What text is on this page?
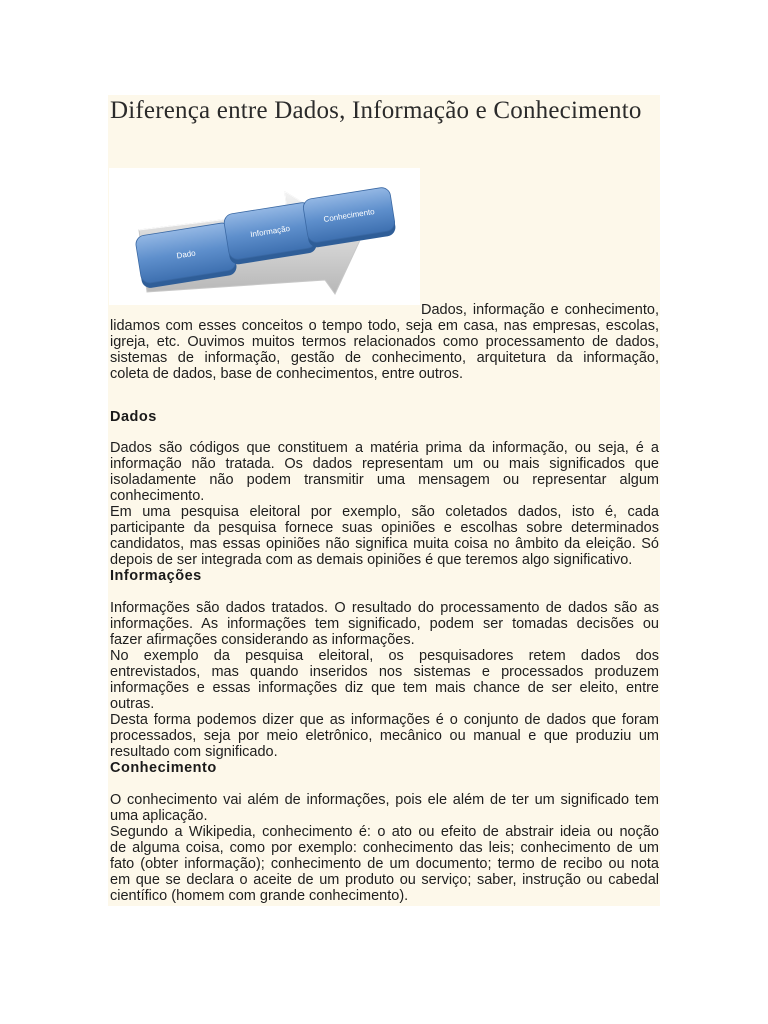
Diferença entre Dados, Informação e Conhecimento
Dado
Informação
Conhecimento
Dados, informação e conhecimento,
lidamos com esses conceitos o tempo todo, seja em casa, nas empresas, escolas,
igreja, etc. Ouvimos muitos termos relacionados como processamento de dados,
sistemas de informação, gestão de conhecimento, arquitetura da informação,
coleta de dados, base de conhecimentos, entre outros.
Dados

Dados são códigos que constituem a matéria prima da informação, ou seja, é a
informação não tratada. Os dados representam um ou mais significados que
isoladamente não podem transmitir uma mensagem ou representar algum
conhecimento.

Em uma pesquisa eleitoral por exemplo, são coletados dados, isto é, cada
participante da pesquisa fornece suas opiniões e escolhas sobre determinados
candidatos, mas essas opiniões não significa muita coisa no âmbito da eleição. Só
depois de ser integrada com as demais opiniões é que teremos algo significativo.

Informações

Informações são dados tratados. O resultado do processamento de dados são as
informações. As informações tem significado, podem ser tomadas decisões ou
fazer afirmações considerando as informações.

No exemplo da pesquisa eleitoral, os pesquisadores retem dados dos
entrevistados, mas quando inseridos nos sistemas e processados produzem
informações e essas informações diz que tem mais chance de ser eleito, entre
outras.

Desta forma podemos dizer que as informações é o conjunto de dados que foram
processados, seja por meio eletrônico, mecânico ou manual e que produziu um
resultado com significado.

Conhecimento

O conhecimento vai além de informações, pois ele além de ter um significado tem
uma aplicação.

Segundo a Wikipedia, conhecimento é: o ato ou efeito de abstrair ideia ou noção
de alguma coisa, como por exemplo: conhecimento das leis; conhecimento de um
fato (obter informação); conhecimento de um documento; termo de recibo ou nota
em que se declara o aceite de um produto ou serviço; saber, instrução ou cabedal
científico (homem com grande conhecimento).
